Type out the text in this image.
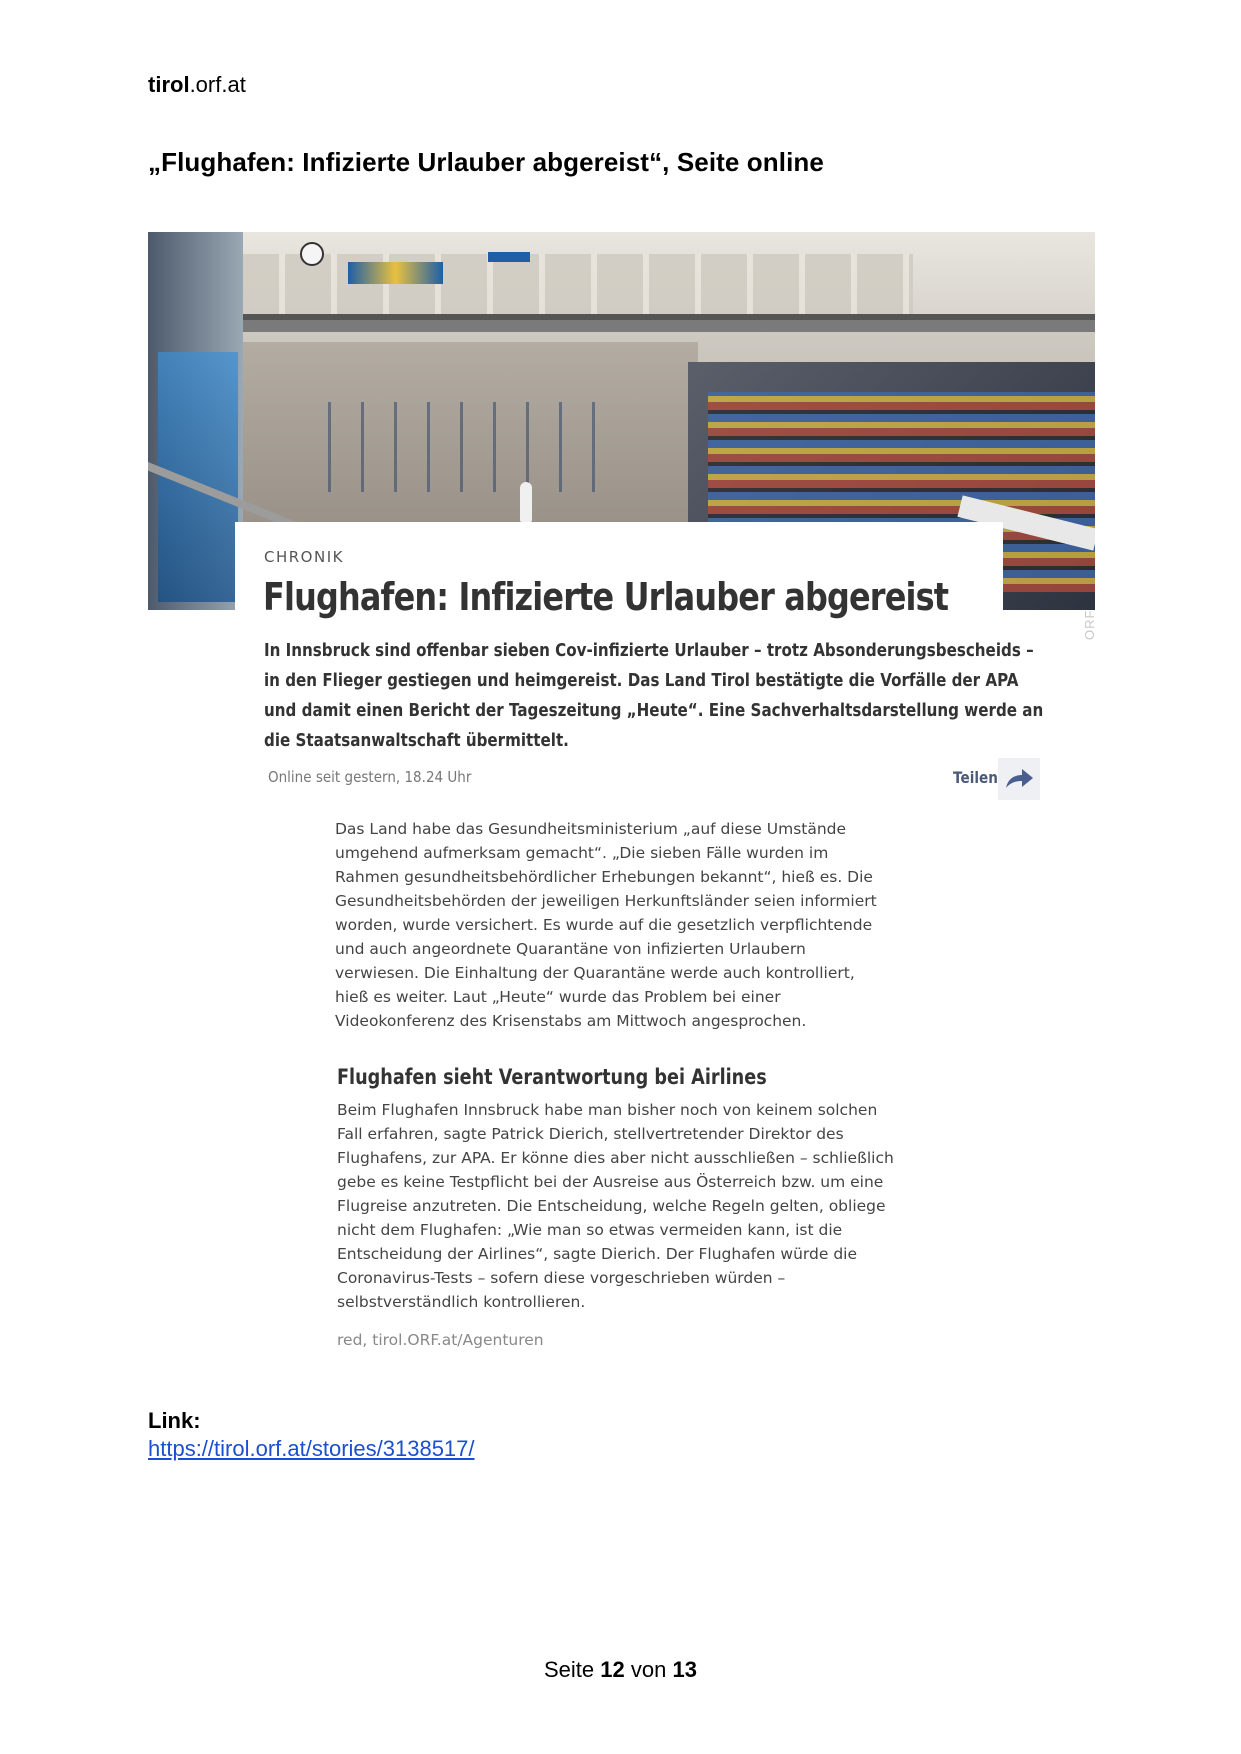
tirol.orf.at
„Flughafen: Infizierte Urlauber abgereist“, Seite online
ORF
CHRONIK
Flughafen: Infizierte Urlauber abgereist

In Innsbruck sind offenbar sieben Cov-infizierte Urlauber – trotz Absonderungsbescheids –

in den Flieger gestiegen und heimgereist. Das Land Tirol bestätigte die Vorfälle der APA

und damit einen Bericht der Tageszeitung „Heute“. Eine Sachverhaltsdarstellung werde an

die Staatsanwaltschaft übermittelt.

Online seit gestern, 18.24 Uhr	Teilen

Das Land habe das Gesundheitsministerium „auf diese Umstände

umgehend aufmerksam gemacht“. „Die sieben Fälle wurden im

Rahmen gesundheitsbehördlicher Erhebungen bekannt“, hieß es. Die

Gesundheitsbehörden der jeweiligen Herkunftsländer seien informiert

worden, wurde versichert. Es wurde auf die gesetzlich verpflichtende

und auch angeordnete Quarantäne von infizierten Urlaubern

verwiesen. Die Einhaltung der Quarantäne werde auch kontrolliert,

hieß es weiter. Laut „Heute“ wurde das Problem bei einer

Videokonferenz des Krisenstabs am Mittwoch angesprochen.

Flughafen sieht Verantwortung bei Airlines

Beim Flughafen Innsbruck habe man bisher noch von keinem solchen

Fall erfahren, sagte Patrick Dierich, stellvertretender Direktor des

Flughafens, zur APA. Er könne dies aber nicht ausschließen – schließlich

gebe es keine Testpflicht bei der Ausreise aus Österreich bzw. um eine

Flugreise anzutreten. Die Entscheidung, welche Regeln gelten, obliege

nicht dem Flughafen: „Wie man so etwas vermeiden kann, ist die

Entscheidung der Airlines“, sagte Dierich. Der Flughafen würde die

Coronavirus-Tests – sofern diese vorgeschrieben würden –

selbstverständlich kontrollieren.

red, tirol.ORF.at/Agenturen
Link:
https://tirol.orf.at/stories/3138517/
Seite 12 von 13
